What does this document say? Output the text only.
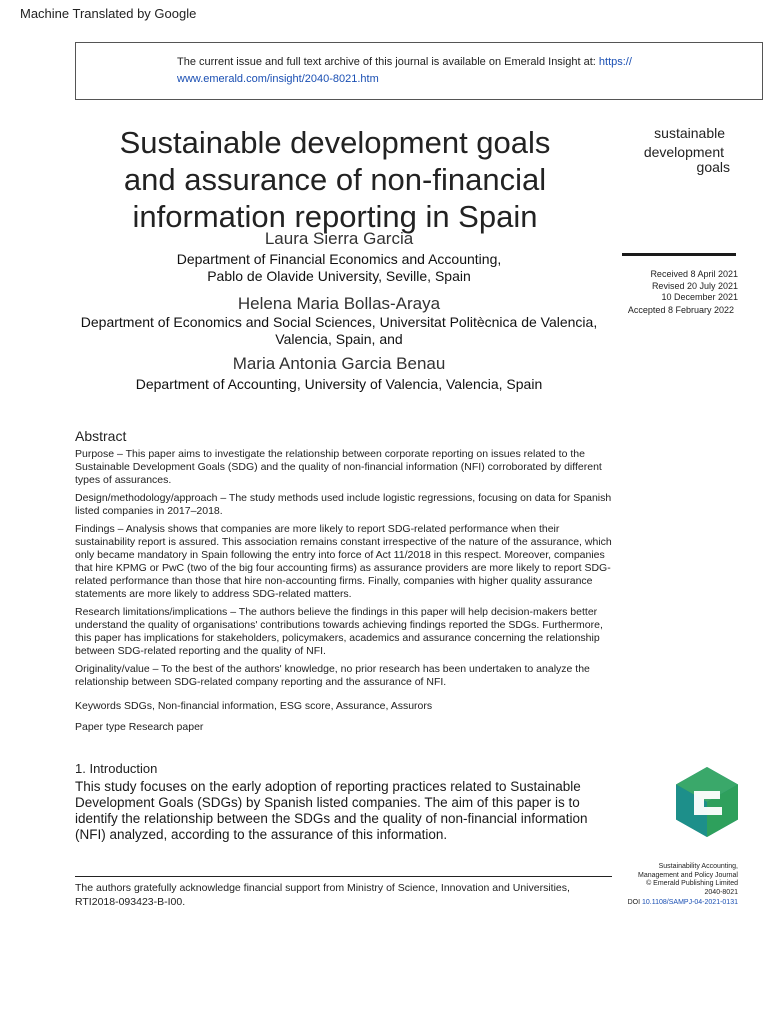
Machine Translated by Google
The current issue and full text archive of this journal is available on Emerald Insight at: https://
www.emerald.com/insight/2040-8021.htm
Sustainable development goals and assurance of non-financial information reporting in Spain
Laura Sierra Garcia
Department of Financial Economics and Accounting,
Pablo de Olavide University, Seville, Spain
Helena Maria Bollas-Araya
Department of Economics and Social Sciences, Universitat Politècnica de Valencia,
Valencia, Spain, and
Maria Antonia Garcia Benau
Department of Accounting, University of Valencia, Valencia, Spain
sustainable
development
goals
Received 8 April 2021
Revised 20 July 2021
10 December 2021
Accepted 8 February 2022
Abstract

Purpose – This paper aims to investigate the relationship between corporate reporting on issues related to the Sustainable Development Goals (SDG) and the quality of non-financial information (NFI) corroborated by different types of assurances.

Design/methodology/approach – The study methods used include logistic regressions, focusing on data for Spanish listed companies in 2017–2018.

Findings – Analysis shows that companies are more likely to report SDG-related performance when their sustainability report is assured. This association remains constant irrespective of the nature of the assurance, which only became mandatory in Spain following the entry into force of Act 11/2018 in this respect. Moreover, companies that hire KPMG or PwC (two of the big four accounting firms) as assurance providers are more likely to report SDG-related performance than those that hire non-accounting firms. Finally, companies with higher quality assurance statements are more likely to address SDG-related matters.

Research limitations/implications – The authors believe the findings in this paper will help decision-makers better understand the quality of organisations' contributions towards achieving findings reported the SDGs. Furthermore, this paper has implications for stakeholders, policymakers, academics and assurance concerning the relationship between SDG-related reporting and the quality of NFI.

Originality/value – To the best of the authors' knowledge, no prior research has been undertaken to analyze the relationship between SDG-related company reporting and the assurance of NFI.

Keywords SDGs, Non-financial information, ESG score, Assurance, Assurors
Paper type Research paper
1. Introduction

This study focuses on the early adoption of reporting practices related to Sustainable Development Goals (SDGs) by Spanish listed companies. The aim of this paper is to identify the relationship between the SDGs and the quality of non-financial information (NFI) analyzed, according to the assurance of this information.

Sustainability Accounting,
Management and Policy Journal
© Emerald Publishing Limited
2040-8021
DOI 10.1108/SAMPJ-04-2021-0131
The authors gratefully acknowledge financial support from Ministry of Science, Innovation and Universities, RTI2018-093423-B-I00.
